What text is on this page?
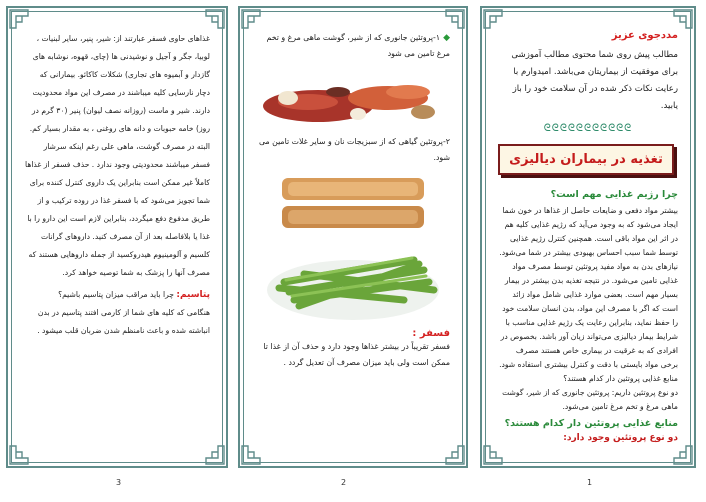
مددجوی عزیز
مطالب پیش روی شما محتوی مطالب آموزشی برای موفقیت از بیماریتان می‌باشد. امیدوارم با رعایت نکات ذکر شده در آن سلامت خود را باز یابید.
ᘓᘓᘓᘓᘓᘓᘓᘓᘓᘓᘓ
تغذیه در بیماران دیالیزی
چرا رژیم غذایی مهم است؟
بیشتر مواد دفعی و ضایعات حاصل از غذاها در خون شما ایجاد می‌شود که به وجود می‌آید که رژیم غذایی کلیه هم در اثر این مواد باقی است. همچنین کنترل رژیم غذایی توسط شما سبب احساس بهبودی بیشتر در شما می‌شود. نیازهای بدن به مواد مفید پروتئین توسط مصرف مواد غذایی تامین می‌شود. در نتیجه تغذیه بدن بیشتر در بیمار بسیار مهم است. بعضی موارد غذایی شامل مواد زائد است که اگر با مصرف این مواد، بدن انسان سلامت خود را حفظ نماید، بنابراین رعایت یک رژیم غذایی مناسب با شرایط بیمار دیالیزی می‌تواند زیان آور باشد. بخصوص در افرادی که به غرقیت در بیماری خاص هستند مصرف برخی مواد بایستی با دقت و کنترل بیشتری استفاده شود.
منابع غذایی پروتئین دار کدام هستند؟
دو نوع پروتئین داریم: پروتئین جانوری که از شیر، گوشت ماهی مرغ و تخم مرغ تامین می‌شود.
منابع غذایی پروتئین دار کدام هستند؟
دو نوع پروتئین وجود دارد:
1
◆۱-پروتئین جانوری که از شیر، گوشت ماهی مرغ و تخم مرغ تامین می شود
۲-پروتئین گیاهی که از سبزیجات نان و سایر غلات تامین می شود.
فسفر :
فسفر تقریباً در بیشتر غذاها وجود دارد و حذف آن از غذا تا ممکن است ولی باید میزان مصرف آن تعدیل گردد .
2
غذاهای حاوی فسفر عبارتند از: شیر، پنیر، سایر لبنیات ، لوبیا، جگر و آجیل و نوشیدنی ها (چای، قهوه، نوشابه های گازدار و آبمیوه های تجاری) شکلات کاکائو. بیمارانی که دچار نارسایی کلیه میباشند در مصرف این مواد محدودیت دارند. شیر و ماست (روزانه نصف لیوان) پنیر (۳۰ گرم در روز) خامه حبوبات و دانه های روغنی ، به مقدار بسیار کم. البته در مصرف گوشت، ماهی علی رغم اینکه سرشار فسفر میباشند محدودیتی وجود ندارد . حذف فسفر از غذاها کاملاً غیر ممکن است بنابراین یک داروی کنترل کننده برای شما تجویز می‌شود که با فسفر غذا در روده ترکیب و از طریق مدفوع دفع میگردد، بنابراین لازم است این دارو را با غذا یا بلافاصله بعد از آن مصرف کنید. داروهای گرانات کلسیم و آلومینیوم هیدروکسید از جمله داروهایی هستند که مصرف آنها را پزشک به شما توصیه خواهد کرد.
پتاسیم: چرا باید مراقب میزان پتاسیم باشیم؟
هنگامی که کلیه های شما از کارمی افتند پتاسیم در بدن انباشته شده و باعث نامنظم شدن ضربان قلب میشود .
3
